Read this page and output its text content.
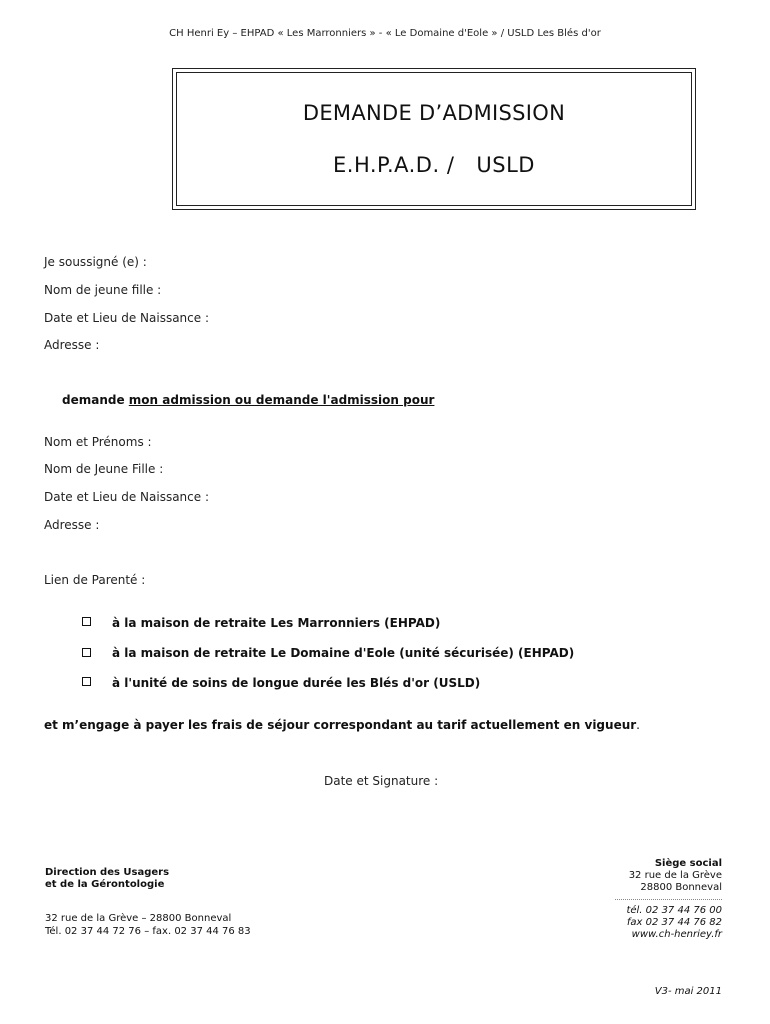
CH Henri Ey – EHPAD « Les Marronniers » - « Le Domaine d'Eole » / USLD Les Blés d'or
DEMANDE D’ADMISSION
E.H.P.A.D. / USLD
Je soussigné (e) :
Nom de jeune fille :
Date et Lieu de Naissance :
Adresse :
demande mon admission ou demande l'admission pour
Nom et Prénoms :
Nom de Jeune Fille :
Date et Lieu de Naissance :
Adresse :
Lien de Parenté :
à la maison de retraite Les Marronniers (EHPAD)
à la maison de retraite Le Domaine d'Eole (unité sécurisée) (EHPAD)
à l'unité de soins de longue durée les Blés d'or (USLD)
et m’engage à payer les frais de séjour correspondant au tarif actuellement en vigueur.
Date et Signature :
Direction des Usagers
et de la Gérontologie
32 rue de la Grève – 28800 Bonneval
Tél. 02 37 44 72 76 – fax. 02 37 44 76 83
Siège social
32 rue de la Grève
28800 Bonneval
tél. 02 37 44 76 00
fax 02 37 44 76 82
www.ch-henriey.fr
V3- mai 2011
